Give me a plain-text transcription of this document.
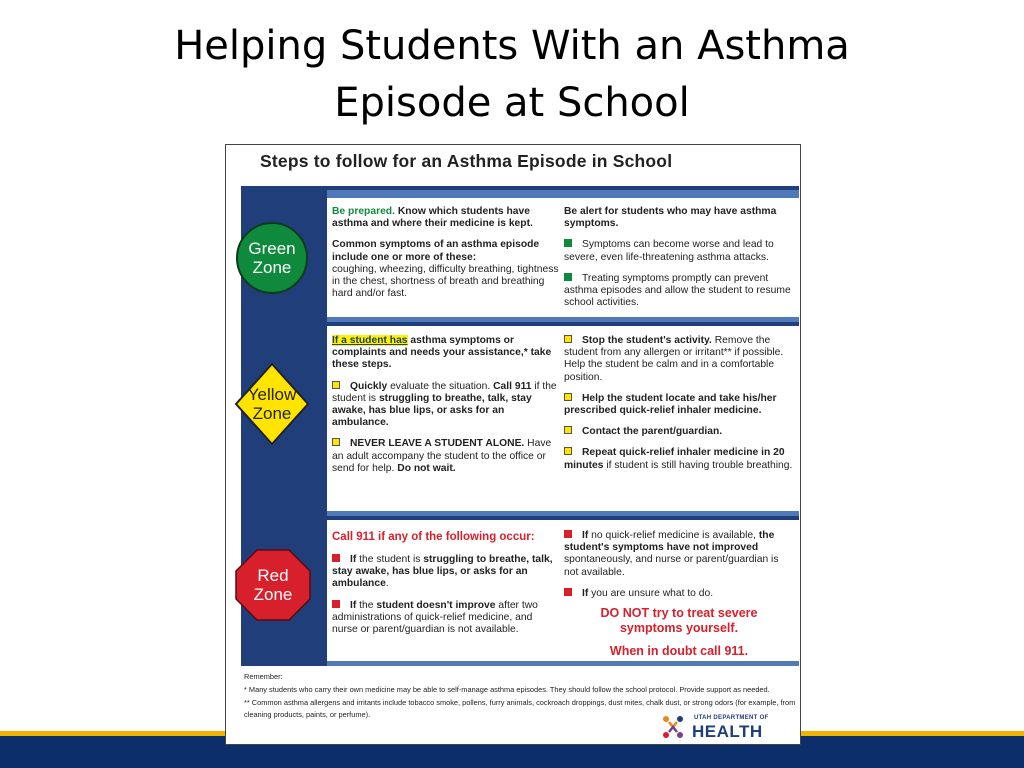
Helping Students With an Asthma
Episode at School
Steps to follow for an Asthma Episode in School

Be prepared. Know which students have asthma and where their medicine is kept.

Common symptoms of an asthma episode include one or more of these:
coughing, wheezing, difficulty breathing, tightness in the chest, shortness of breath and breathing hard and/or fast.

Be alert for students who may have asthma symptoms.

Symptoms can become worse and lead to severe, even life-threatening asthma attacks.

Treating symptoms promptly can prevent asthma episodes and allow the student to resume school activities.

If a student has asthma symptoms or complaints and needs your assistance,* take these steps.

Quickly evaluate the situation. Call 911 if the student is struggling to breathe, talk, stay awake, has blue lips, or asks for an ambulance.

NEVER LEAVE A STUDENT ALONE. Have an adult accompany the student to the office or send for help. Do not wait.

Stop the student's activity. Remove the student from any allergen or irritant** if possible. Help the student be calm and in a comfortable position.

Help the student locate and take his/her prescribed quick-relief inhaler medicine.

Contact the parent/guardian.

Repeat quick-relief inhaler medicine in 20 minutes if student is still having trouble breathing.

Call 911 if any of the following occur:

If the student is struggling to breathe, talk, stay awake, has blue lips, or asks for an ambulance.

If the student doesn't improve after two administrations of quick-relief medicine, and nurse or parent/guardian is not available.

If no quick-relief medicine is available, the student's symptoms have not improved spontaneously, and nurse or parent/guardian is not available.

If you are unsure what to do.

DO NOT try to treat severe symptoms yourself.
When in doubt call 911.
Green
Zone
Yellow
Zone
Red
Zone
Remember:
* Many students who carry their own medicine may be able to self-manage asthma episodes. They should follow the school protocol. Provide support as needed.
** Common asthma allergens and irritants include tobacco smoke, pollens, furry animals, cockroach droppings, dust mites, chalk dust, or strong odors (for example, from cleaning products, paints, or perfume).	UTAH DEPARTMENT OF
HEALTH
